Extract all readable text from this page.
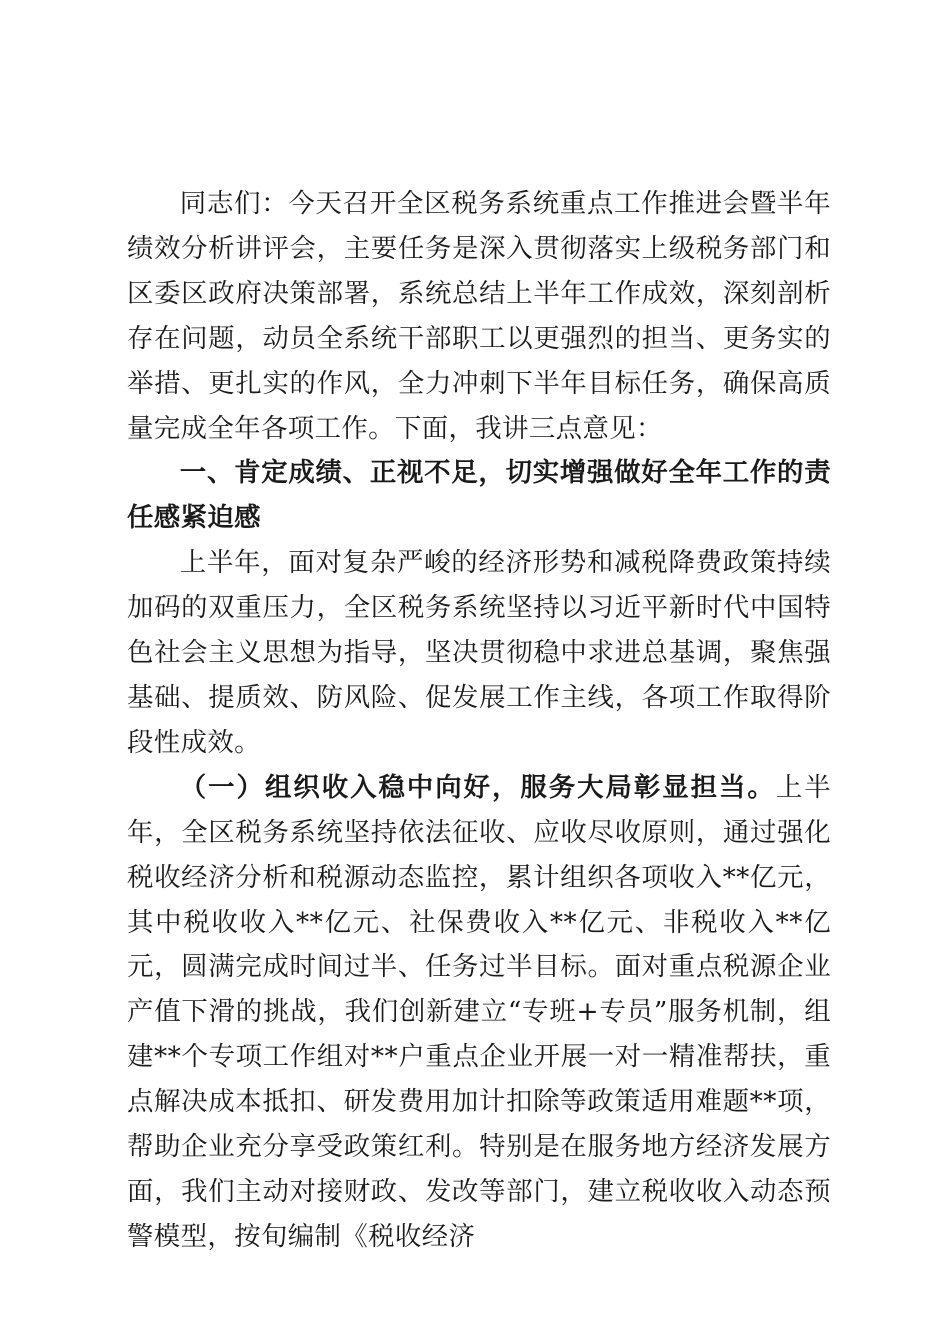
同志们：今天召开全区税务系统重点工作推进会暨半年绩效分析讲评会，主要任务是深入贯彻落实上级税务部门和区委区政府决策部署，系统总结上半年工作成效，深刻剖析存在问题，动员全系统干部职工以更强烈的担当、更务实的举措、更扎实的作风，全力冲刺下半年目标任务，确保高质量完成全年各项工作。下面，我讲三点意见：

一、肯定成绩、正视不足，切实增强做好全年工作的责任感紧迫感

上半年，面对复杂严峻的经济形势和减税降费政策持续加码的双重压力，全区税务系统坚持以习近平新时代中国特色社会主义思想为指导，坚决贯彻稳中求进总基调，聚焦强基础、提质效、防风险、促发展工作主线，各项工作取得阶段性成效。

（一）组织收入稳中向好，服务大局彰显担当。上半年，全区税务系统坚持依法征收、应收尽收原则，通过强化税收经济分析和税源动态监控，累计组织各项收入**亿元，其中税收收入**亿元、社保费收入**亿元、非税收入**亿元，圆满完成时间过半、任务过半目标。面对重点税源企业产值下滑的挑战，我们创新建立“专班+专员”服务机制，组建**个专项工作组对**户重点企业开展一对一精准帮扶，重点解决成本抵扣、研发费用加计扣除等政策适用难题**项，帮助企业充分享受政策红利。特别是在服务地方经济发展方面，我们主动对接财政、发改等部门，建立税收收入动态预警模型，按旬编制《税收经济
